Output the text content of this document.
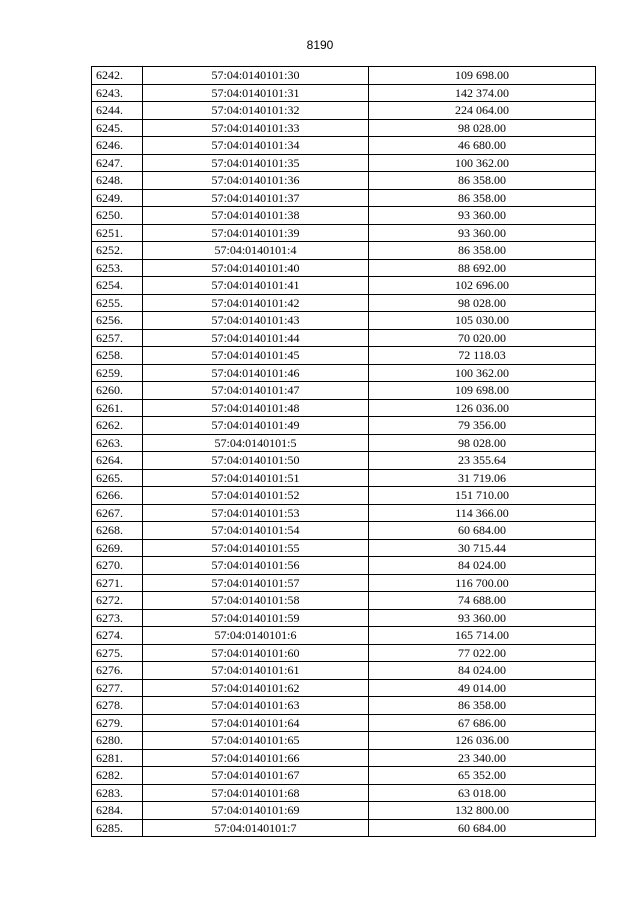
8190
6242.	57:04:0140101:30	109 698.00
6243.	57:04:0140101:31	142 374.00
6244.	57:04:0140101:32	224 064.00
6245.	57:04:0140101:33	98 028.00
6246.	57:04:0140101:34	46 680.00
6247.	57:04:0140101:35	100 362.00
6248.	57:04:0140101:36	86 358.00
6249.	57:04:0140101:37	86 358.00
6250.	57:04:0140101:38	93 360.00
6251.	57:04:0140101:39	93 360.00
6252.	57:04:0140101:4	86 358.00
6253.	57:04:0140101:40	88 692.00
6254.	57:04:0140101:41	102 696.00
6255.	57:04:0140101:42	98 028.00
6256.	57:04:0140101:43	105 030.00
6257.	57:04:0140101:44	70 020.00
6258.	57:04:0140101:45	72 118.03
6259.	57:04:0140101:46	100 362.00
6260.	57:04:0140101:47	109 698.00
6261.	57:04:0140101:48	126 036.00
6262.	57:04:0140101:49	79 356.00
6263.	57:04:0140101:5	98 028.00
6264.	57:04:0140101:50	23 355.64
6265.	57:04:0140101:51	31 719.06
6266.	57:04:0140101:52	151 710.00
6267.	57:04:0140101:53	114 366.00
6268.	57:04:0140101:54	60 684.00
6269.	57:04:0140101:55	30 715.44
6270.	57:04:0140101:56	84 024.00
6271.	57:04:0140101:57	116 700.00
6272.	57:04:0140101:58	74 688.00
6273.	57:04:0140101:59	93 360.00
6274.	57:04:0140101:6	165 714.00
6275.	57:04:0140101:60	77 022.00
6276.	57:04:0140101:61	84 024.00
6277.	57:04:0140101:62	49 014.00
6278.	57:04:0140101:63	86 358.00
6279.	57:04:0140101:64	67 686.00
6280.	57:04:0140101:65	126 036.00
6281.	57:04:0140101:66	23 340.00
6282.	57:04:0140101:67	65 352.00
6283.	57:04:0140101:68	63 018.00
6284.	57:04:0140101:69	132 800.00
6285.	57:04:0140101:7	60 684.00
